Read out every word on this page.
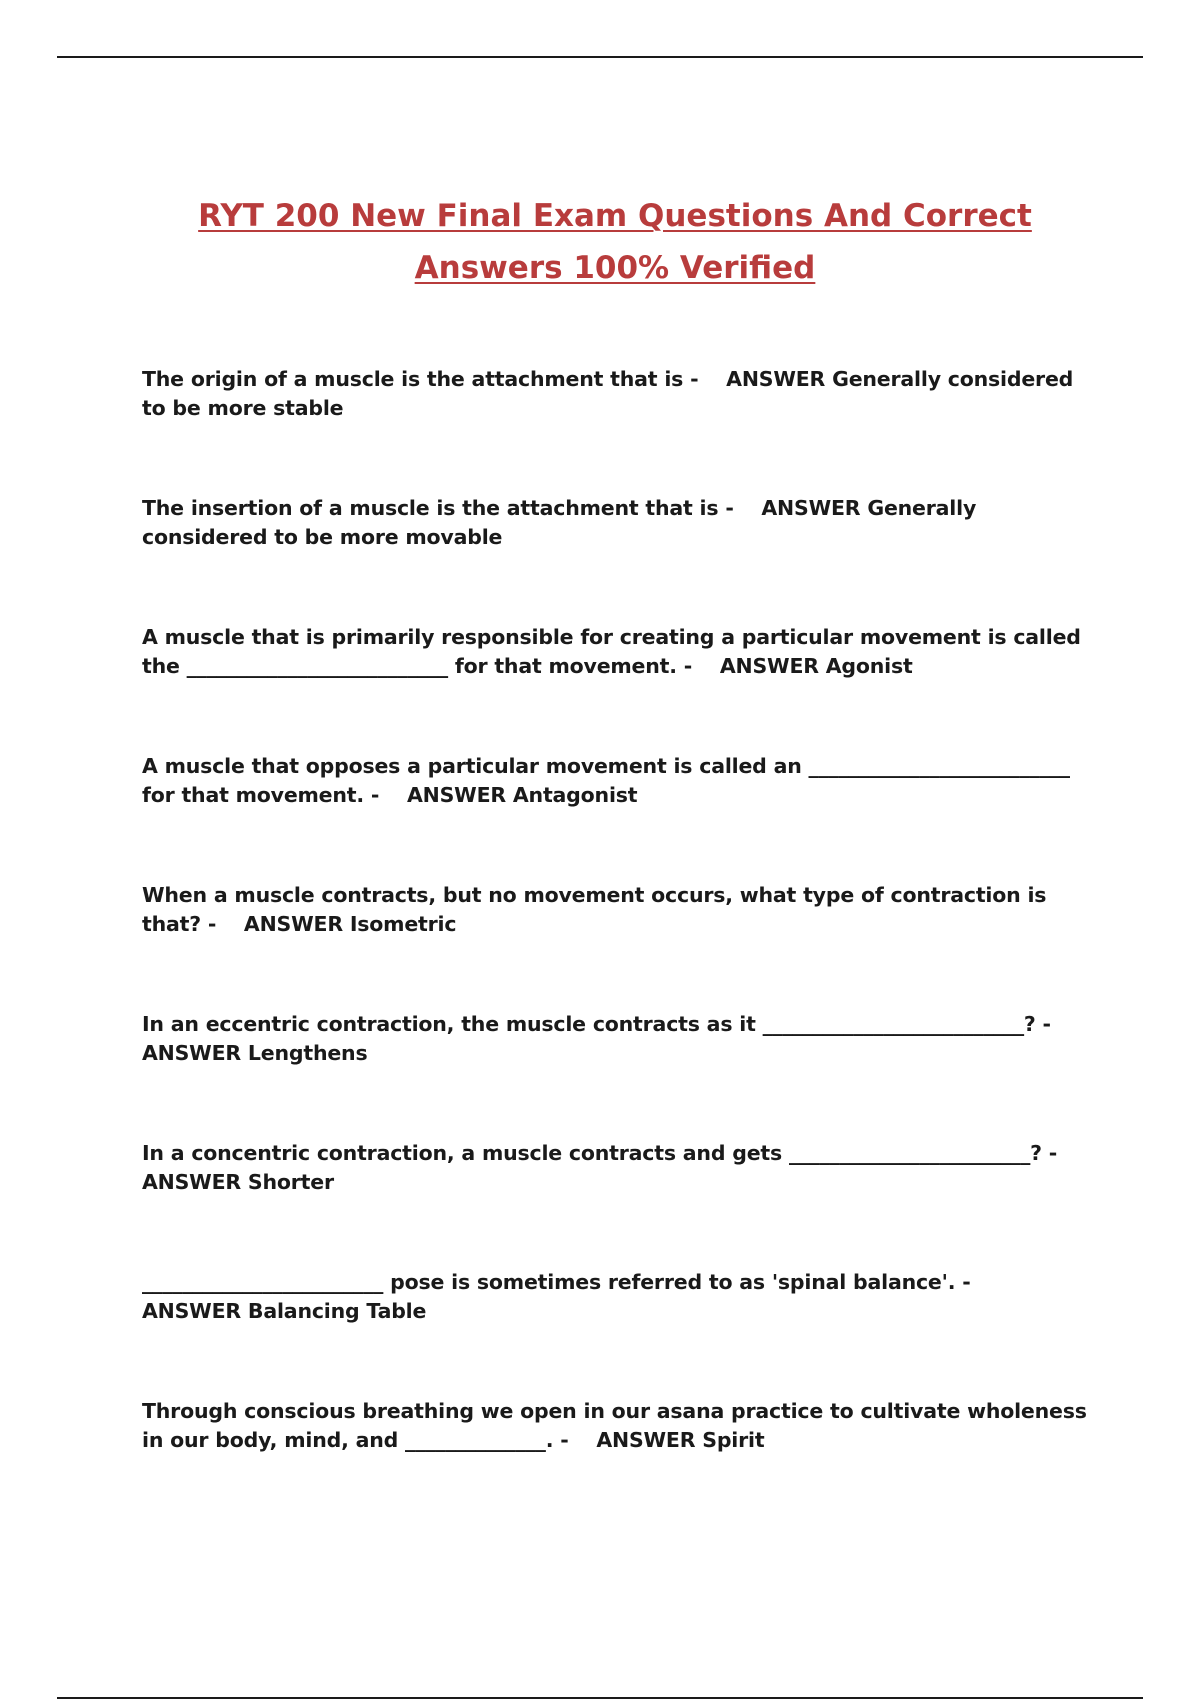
RYT 200 New Final Exam Questions And Correct
Answers 100% Verified
The origin of a muscle is the attachment that is - ANSWER Generally considered to be more stable
The insertion of a muscle is the attachment that is - ANSWER Generally considered to be more movable
A muscle that is primarily responsible for creating a particular movement is called the __________________________ for that movement. - ANSWER Agonist
A muscle that opposes a particular movement is called an __________________________ for that movement. - ANSWER Antagonist
When a muscle contracts, but no movement occurs, what type of contraction is that? - ANSWER Isometric
In an eccentric contraction, the muscle contracts as it __________________________? -    ANSWER Lengthens
In a concentric contraction, a muscle contracts and gets ________________________? -    ANSWER Shorter
________________________ pose is sometimes referred to as 'spinal balance'. -    ANSWER Balancing Table
Through conscious breathing we open in our asana practice to cultivate wholeness in our body, mind, and ______________. - ANSWER Spirit
